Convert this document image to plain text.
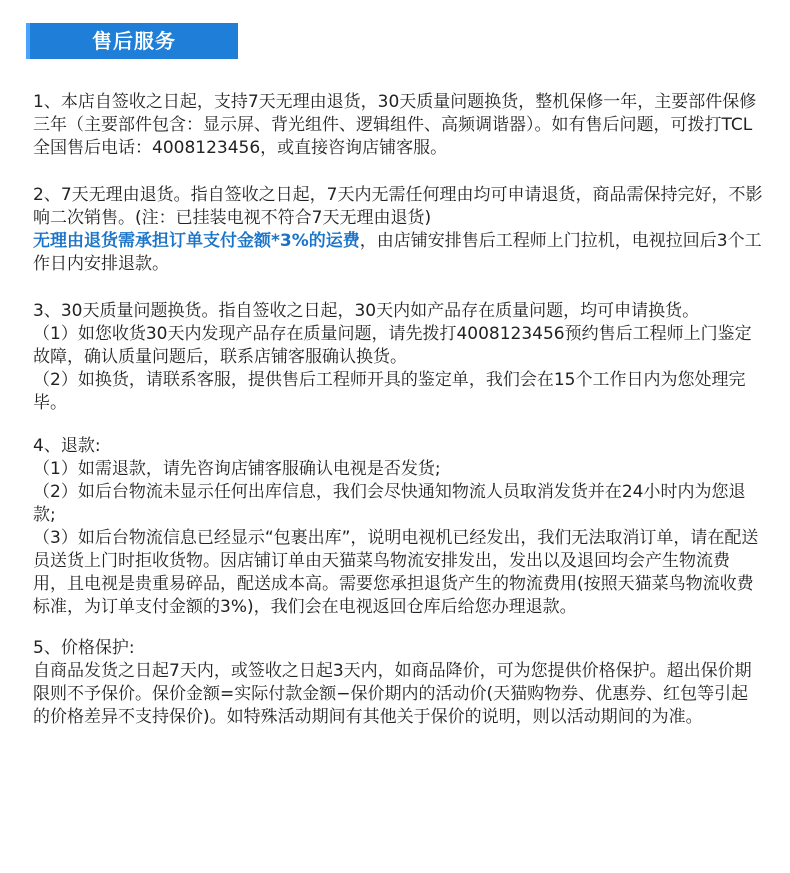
售后服务

1、本店自签收之日起，支持7天无理由退货，30天质量问题换货，整机保修一年，主要部件保修三年（主要部件包含：显示屏、背光组件、逻辑组件、高频调谐器）。如有售后问题，可拨打TCL全国售后电话：4008123456，或直接咨询店铺客服。

2、7天无理由退货。指自签收之日起，7天内无需任何理由均可申请退货，商品需保持完好，不影响二次销售。(注：已挂装电视不符合7天无理由退货)
无理由退货需承担订单支付金额*3%的运费，由店铺安排售后工程师上门拉机，电视拉回后3个工作日内安排退款。

3、30天质量问题换货。指自签收之日起，30天内如产品存在质量问题，均可申请换货。

（1）如您收货30天内发现产品存在质量问题，请先拨打4008123456预约售后工程师上门鉴定故障，确认质量问题后，联系店铺客服确认换货。

（2）如换货，请联系客服，提供售后工程师开具的鉴定单，我们会在15个工作日内为您处理完毕。

4、退款:

（1）如需退款，请先咨询店铺客服确认电视是否发货;

（2）如后台物流未显示任何出库信息，我们会尽快通知物流人员取消发货并在24小时内为您退款;

（3）如后台物流信息已经显示“包裹出库”，说明电视机已经发出，我们无法取消订单，请在配送员送货上门时拒收货物。因店铺订单由天猫菜鸟物流安排发出，发出以及退回均会产生物流费用，且电视是贵重易碎品，配送成本高。需要您承担退货产生的物流费用(按照天猫菜鸟物流收费标准，为订单支付金额的3%)，我们会在电视返回仓库后给您办理退款。

5、价格保护:

自商品发货之日起7天内，或签收之日起3天内，如商品降价，可为您提供价格保护。超出保价期限则不予保价。保价金额=实际付款金额−保价期内的活动价(天猫购物券、优惠券、红包等引起的价格差异不支持保价)。如特殊活动期间有其他关于保价的说明，则以活动期间的为准。
